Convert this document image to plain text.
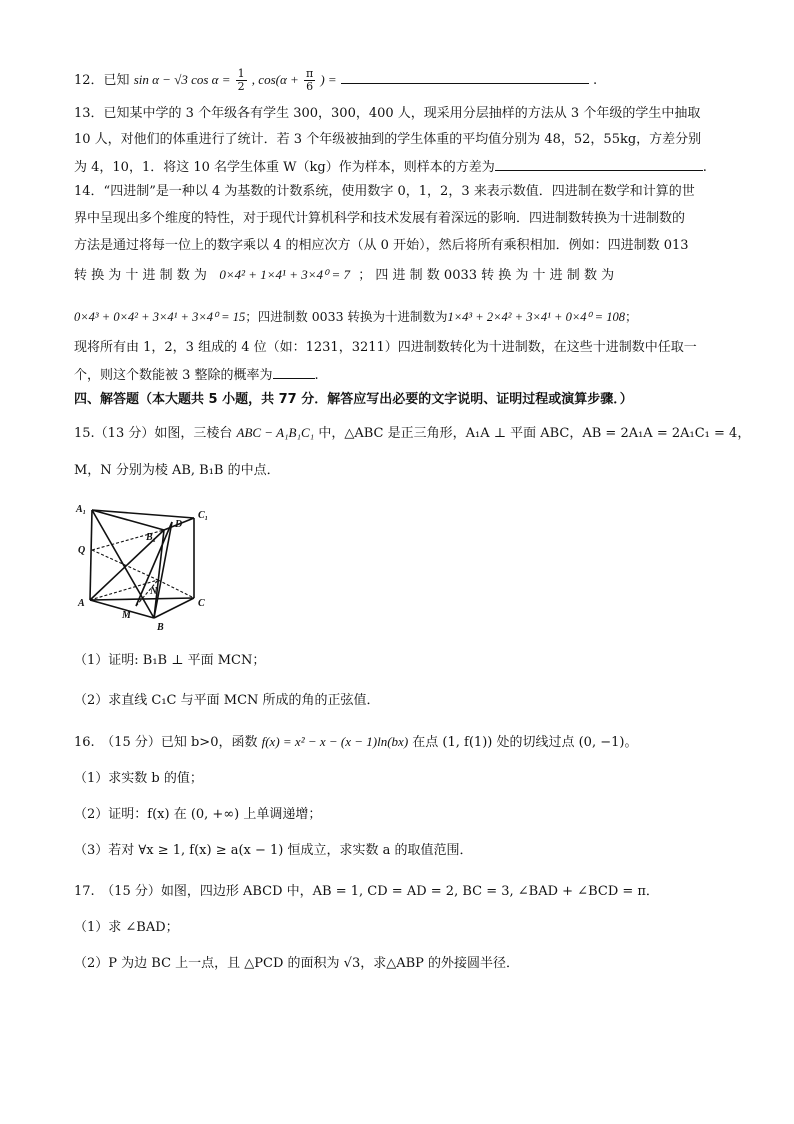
12．已知 sin α − √3 $\cos \alpha = \frac{1}{2}$ , $\cos(\alpha + \frac{\pi}{6}$ ) =	.
13．已知某中学的 3 个年级各有学生 300，300，400 人，现采用分层抽样的方法从 3 个年级的学生中抽取
10 人，对他们的体重进行了统计．若 3 个年级被抽到的学生体重的平均值分别为 48，52，55kg，方差分别
为 4，10，1．将这 10 名学生体重 W（kg）作为样本，则样本的方差为	.
14．“四进制”是一种以 4 为基数的计数系统，使用数字 0，1，2，3 来表示数值．四进制在数学和计算的世
界中呈现出多个维度的特性，对于现代计算机科学和技术发展有着深远的影响．四进制数转换为十进制数的
方法是通过将每一位上的数字乘以 4 的相应次方（从 0 开始），然后将所有乘积相加．例如：四进制数 013
转 换 为 十 进 制 数 为 0×4² + 1×4¹ + 3×4⁰ = 7 ； 四 进 制 数 0033 转 换 为 十 进 制 数 为
0×4³ + 0×4² + 3×4¹ + 3×4⁰ = 15；四进制数 0033 转换为十进制数为1×4³ + 2×4² + 3×4¹ + 0×4⁰ = 108；
现将所有由 1，2，3 组成的 4 位（如：1231，3211）四进制数转化为十进制数，在这些十进制数中任取一
个，则这个数能被 3 整除的概率为	.
四、解答题（本大题共 5 小题，共 77 分．解答应写出必要的文字说明、证明过程或演算步骤．）
15.（13 分）如图，三棱台 ABC − A₁B₁C₁ 中，△ABC 是正三角形，A₁A ⊥ 平面 ABC，AB = 2A₁A = 2A₁C₁ = 4，
M，N 分别为棱 AB, B₁B 的中点．
A₁
C₁
D
B₁
Q
N
A	C
M
B
（1）证明: B₁B ⊥ 平面 MCN；
（2）求直线 C₁C 与平面 MCN 所成的角的正弦值．
16.　（15 分）已知 b>0，函数 f(x) = x² − x − (x − 1)ln(bx) 在点 (1, f(1)) 处的切线过点 (0, −1)。
（1）求实数 b 的值；
（2）证明：f(x) 在 (0, +∞) 上单调递增；
（3）若对 ∀x ≥ 1, f(x) ≥ a(x − 1) 恒成立，求实数 a 的取值范围．
17.　（15 分）如图，四边形 ABCD 中，AB = 1, CD = AD = 2, BC = 3, ∠BAD + ∠BCD = π．
（1）求 ∠BAD；
（2）P 为边 BC 上一点，且 △PCD 的面积为 √3，求△ABP 的外接圆半径．
